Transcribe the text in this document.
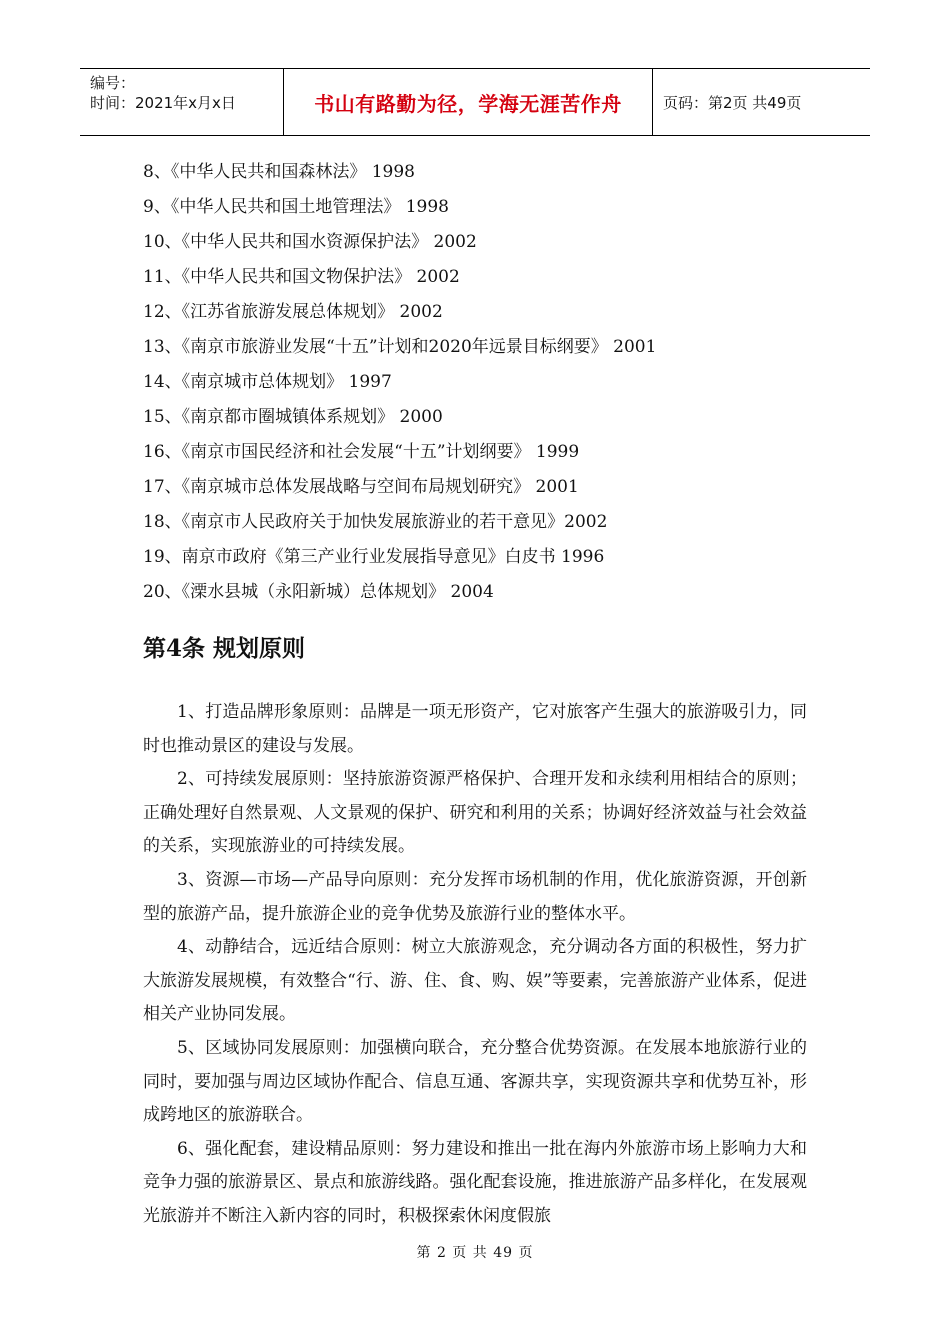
编号：
时间：2021年x月x日	书山有路勤为径，学海无涯苦作舟	页码：第2页 共49页
8、《中华人民共和国森林法》 1998
9、《中华人民共和国土地管理法》 1998
10、《中华人民共和国水资源保护法》 2002
11、《中华人民共和国文物保护法》 2002
12、《江苏省旅游发展总体规划》 2002
13、《南京市旅游业发展“十五”计划和2020年远景目标纲要》 2001
14、《南京城市总体规划》 1997
15、《南京都市圈城镇体系规划》 2000
16、《南京市国民经济和社会发展“十五”计划纲要》 1999
17、《南京城市总体发展战略与空间布局规划研究》 2001
18、《南京市人民政府关于加快发展旅游业的若干意见》2002
19、南京市政府《第三产业行业发展指导意见》白皮书 1996
20、《溧水县城（永阳新城）总体规划》 2004
第4条 规划原则

1、打造品牌形象原则：品牌是一项无形资产，它对旅客产生强大的旅游吸引力，同时也推动景区的建设与发展。

2、可持续发展原则：坚持旅游资源严格保护、合理开发和永续利用相结合的原则；正确处理好自然景观、人文景观的保护、研究和利用的关系；协调好经济效益与社会效益的关系，实现旅游业的可持续发展。

3、资源—市场—产品导向原则：充分发挥市场机制的作用，优化旅游资源，开创新型的旅游产品，提升旅游企业的竞争优势及旅游行业的整体水平。

4、动静结合，远近结合原则：树立大旅游观念，充分调动各方面的积极性，努力扩大旅游发展规模，有效整合“行、游、住、食、购、娱”等要素，完善旅游产业体系，促进相关产业协同发展。

5、区域协同发展原则：加强横向联合，充分整合优势资源。在发展本地旅游行业的同时，要加强与周边区域协作配合、信息互通、客源共享，实现资源共享和优势互补，形成跨地区的旅游联合。

6、强化配套，建设精品原则：努力建设和推出一批在海内外旅游市场上影响力大和竞争力强的旅游景区、景点和旅游线路。强化配套设施，推进旅游产品多样化，在发展观光旅游并不断注入新内容的同时，积极探索休闲度假旅

第 2 页 共 49 页
